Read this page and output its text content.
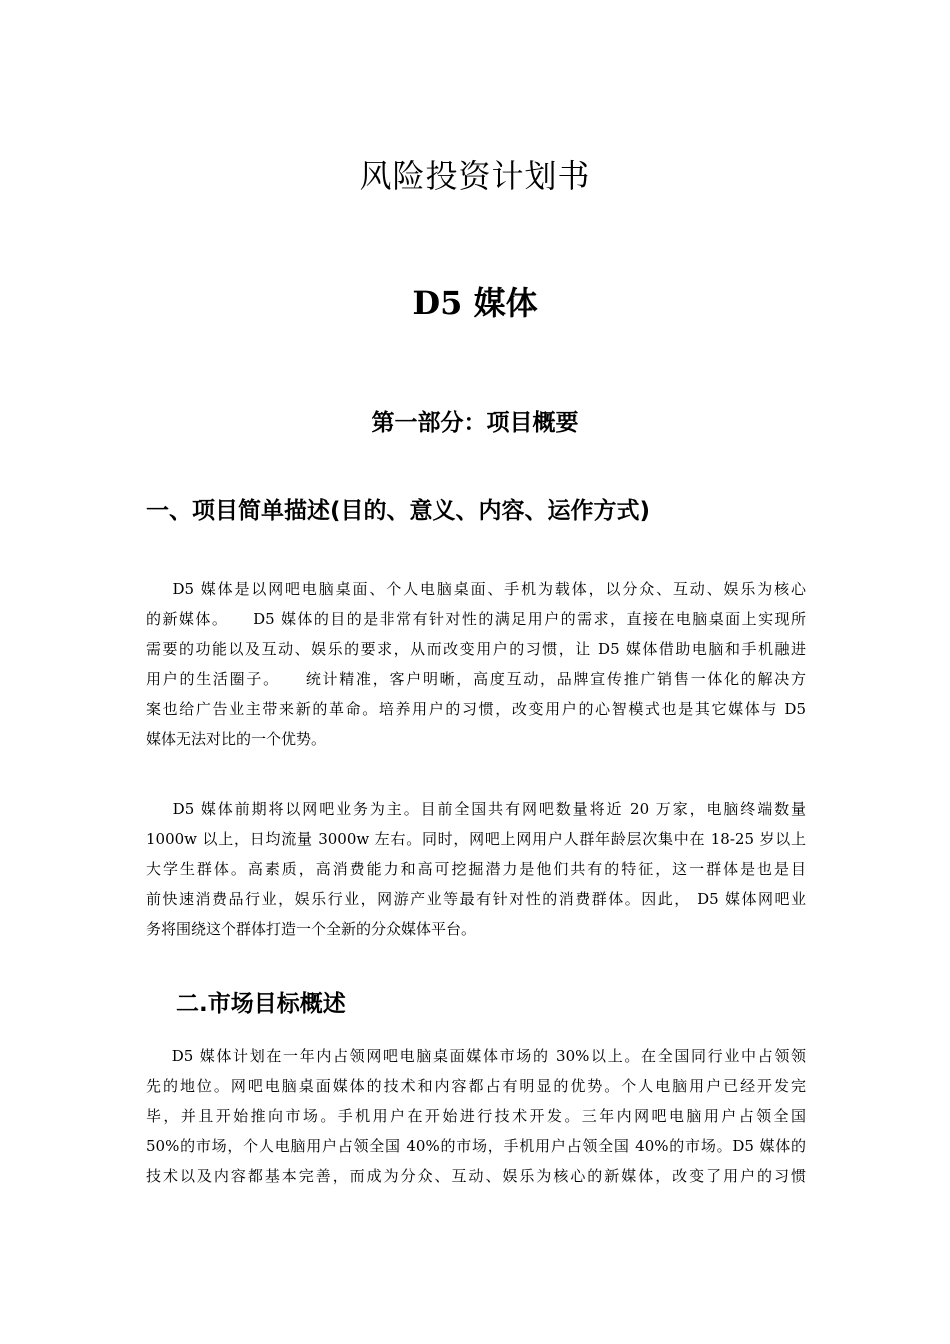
风险投资计划书
D5 媒体
第一部分：项目概要
一、项目简单描述(目的、意义、内容、运作方式)
D5 媒体是以网吧电脑桌面、个人电脑桌面、手机为载体，以分众、互动、娱乐为核心
的新媒体。    D5 媒体的目的是非常有针对性的满足用户的需求，直接在电脑桌面上实现所
需要的功能以及互动、娱乐的要求，从而改变用户的习惯，让 D5 媒体借助电脑和手机融进
用户的生活圈子。    统计精准，客户明晰，高度互动，品牌宣传推广销售一体化的解决方
案也给广告业主带来新的革命。培养用户的习惯，改变用户的心智模式也是其它媒体与 D5
媒体无法对比的一个优势。
D5 媒体前期将以网吧业务为主。目前全国共有网吧数量将近 20 万家，电脑终端数量
1000w 以上，日均流量 3000w 左右。同时，网吧上网用户人群年龄层次集中在 18-25 岁以上
大学生群体。高素质，高消费能力和高可挖掘潜力是他们共有的特征，这一群体是也是目
前快速消费品行业，娱乐行业，网游产业等最有针对性的消费群体。因此， D5 媒体网吧业
务将围绕这个群体打造一个全新的分众媒体平台。
二.市场目标概述
D5 媒体计划在一年内占领网吧电脑桌面媒体市场的 30%以上。在全国同行业中占领领
先的地位。网吧电脑桌面媒体的技术和内容都占有明显的优势。个人电脑用户已经开发完
毕，并且开始推向市场。手机用户在开始进行技术开发。三年内网吧电脑用户占领全国
50%的市场，个人电脑用户占领全国 40%的市场，手机用户占领全国 40%的市场。D5 媒体的
技术以及内容都基本完善，而成为分众、互动、娱乐为核心的新媒体，改变了用户的习惯
